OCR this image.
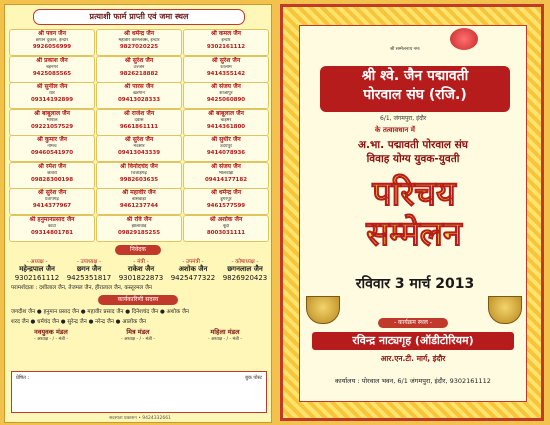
प्रत्याशी फार्म प्राप्ती एवं जमा स्थल
श्री पवन जैन
छप्पन दुकान, इन्दौर
9926056999
श्री धर्मेन्द्र जैन
महावीर कॉम्प्लेक्स, इन्दौर
9827020225
श्री कमल जैन
इन्दौर
9302161112
श्री प्रकाश जैन
बड़नगर
9425085565
श्री सुरेश जैन
उज्जैन
9826218882
श्री सुरेश जैन
रतलाम
9414355142
श्री सुनील जैन
धार
09314192899
श्री पारस जैन
खरगोन
09413028333
श्री संजय जैन
शाजापुर
9425060890
श्री बाबूलाल जैन
भोपाल
09221057529
श्री राजेश जैन
देवास
9661861111
श्री बाबूलाल जैन
बाड़मेर
9414361800
श्री कुमार जैन
नीमच
09460541970
श्री सुरेश जैन
मंदसौर
09413043339
श्री सुधीर जैन
उदयपुर
9414078936
श्री रमेश जैन
जावरा
09828300198
श्री विनोदचंद जैन
चित्तौड़गढ़
9982603635
श्री संजय जैन
भीलवाड़ा
09414177182
श्री सुरेश जैन
प्रतापगढ़
9414377967
श्री महावीर जैन
बांसवाड़ा
9461237744
श्री धर्मेन्द्र जैन
डूंगरपुर
9461577599
श्री हनुमानप्रसाद जैन
कोटा
09314801781
श्री रवि जैन
झालावाड़
09829185255
श्री अशोक जैन
बूंदी
8003031111
निवेदक
- अध्यक्ष -
महेन्द्रपाल जैन
9302161112
- उपाध्यक्ष -
छगन जैन
9425351817
- मंत्री -
राकेश जैन
9301822873
- उपमंत्री -
अशोक जैन
9425477322
- कोषाध्यक्ष -
छगनलाल जैन
9826920423
परामर्शदाता : दशीलाल जैन, तेजमल जैन, हीरालाल जैन, कस्तूरमल जैन
कार्यकारिणी सदस्य
जगदीश जैन ● हनुमान प्रसाद जैन ● महावीर प्रसाद जैन ● दिनेशचंद जैन ● अशोक जैन
शरद जैन ● धर्मचंद जैन ● सुरेन्द्र जैन ● नरेन्द्र जैन ● आलोक जैन
नवयुवक मंडल
- अध्यक्ष - / - मंत्री -
मित्र मंडल
- अध्यक्ष - / - मंत्री -
महिला मंडल
- अध्यक्ष - / - मंत्री -
प्रेषित :	बुक पोस्ट
सदस्यता प्रकाशन • 9424332661
श्री सम्मेलनाय नमः
श्री श्वे. जैन पद्मावती
पोरवाल संघ (रजि.)
6/1, जंगमपुरा, इंदौर
के तत्वावधान में
अ.भा. पद्मावती पोरवाल संघ
विवाह योग्य युवक-युवती
परिचय
सम्मेलन
रविवार 3 मार्च 2013
- कार्यक्रम स्थल -
रविन्द्र नाट्यगृह (ऑडीटोरियम)
आर.एन.टी. मार्ग, इंदौर
कार्यालय : पोरवाल भवन, 6/1 जंगमपुरा, इंदौर, 9302161112
